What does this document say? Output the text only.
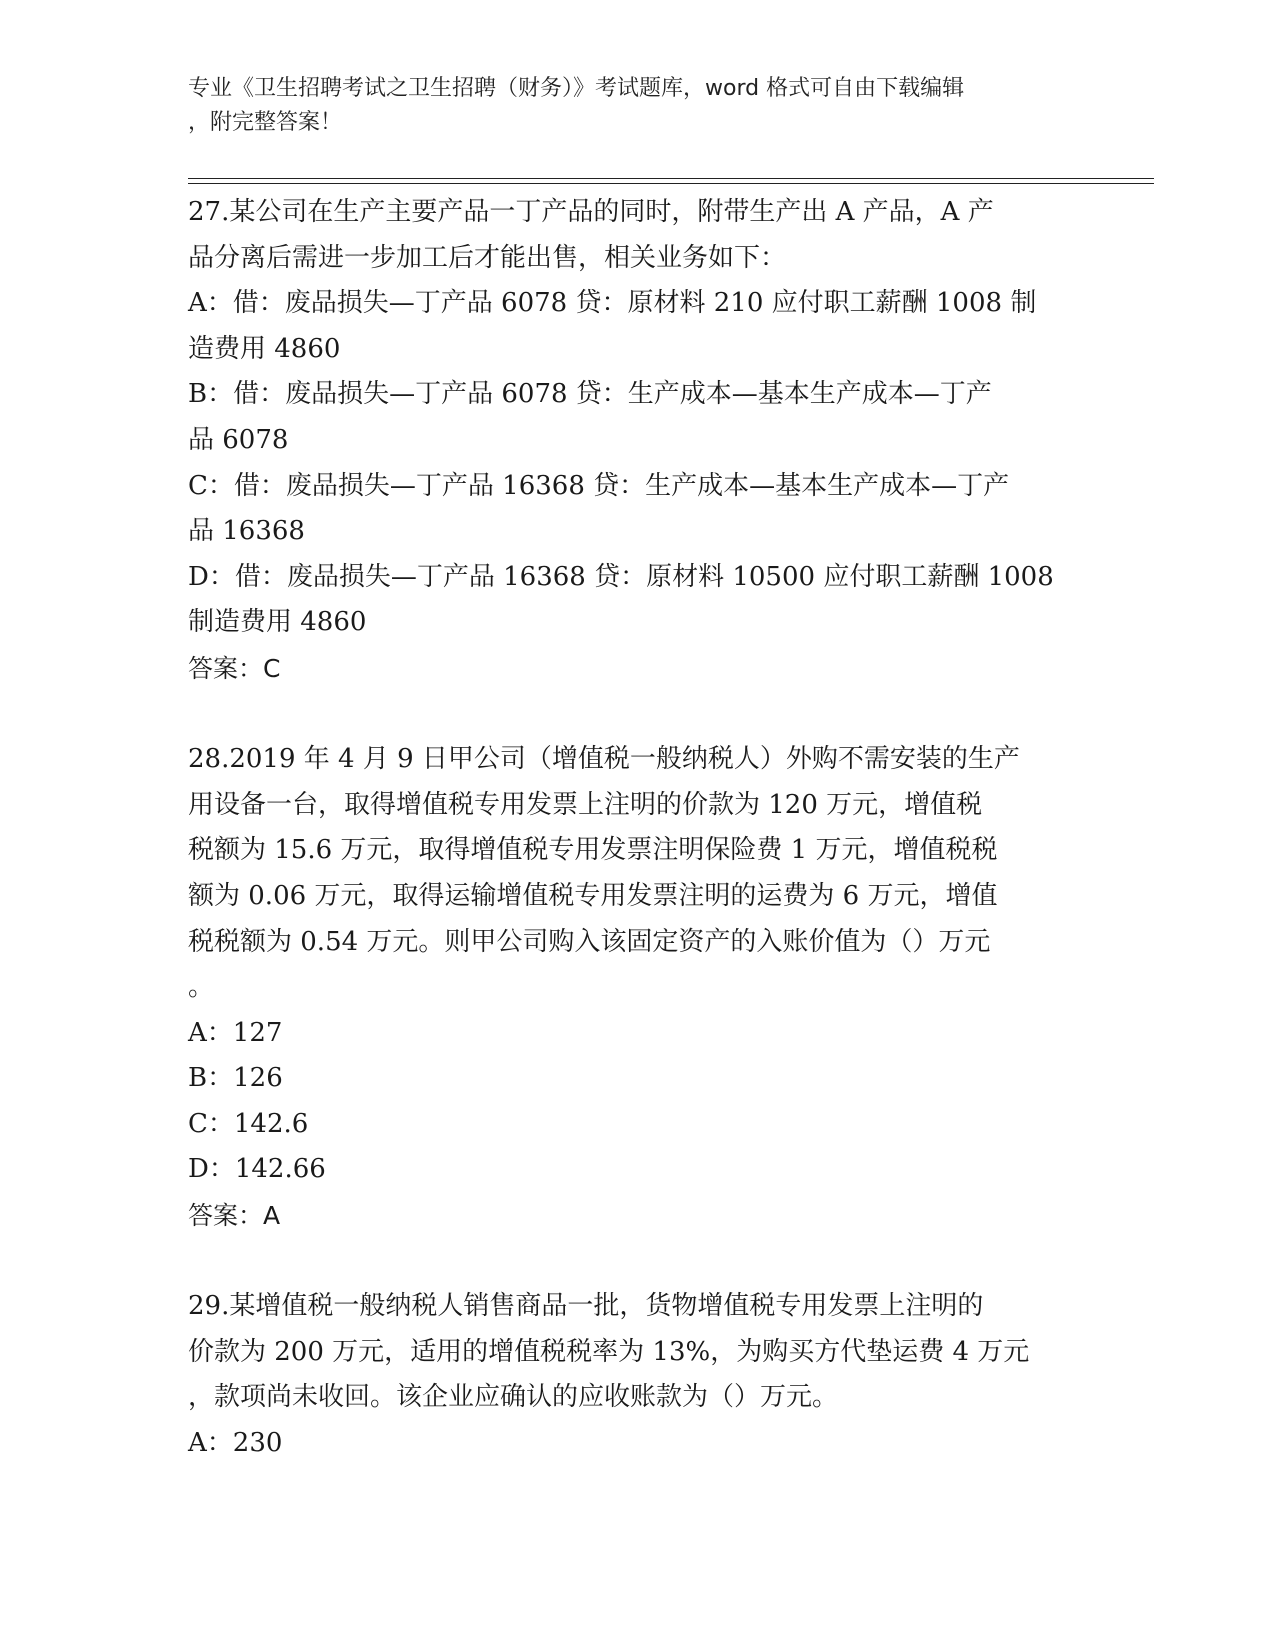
专业《卫生招聘考试之卫生招聘（财务）》考试题库，word 格式可自由下载编辑
，附完整答案！
27.某公司在生产主要产品一丁产品的同时，附带生产出 A 产品，A 产
品分离后需进一步加工后才能出售，相关业务如下：
A：借：废品损失—丁产品 6078 贷：原材料 210 应付职工薪酬 1008 制
造费用 4860
B：借：废品损失—丁产品 6078 贷：生产成本—基本生产成本—丁产
品 6078
C：借：废品损失—丁产品 16368 贷：生产成本—基本生产成本—丁产
品 16368
D：借：废品损失—丁产品 16368 贷：原材料 10500 应付职工薪酬 1008
制造费用 4860
答案：C
28.2019 年 4 月 9 日甲公司（增值税一般纳税人）外购不需安装的生产
用设备一台，取得增值税专用发票上注明的价款为 120 万元，增值税
税额为 15.6 万元，取得增值税专用发票注明保险费 1 万元，增值税税
额为 0.06 万元，取得运输增值税专用发票注明的运费为 6 万元，增值
税税额为 0.54 万元。则甲公司购入该固定资产的入账价值为（）万元
。
A：127
B：126
C：142.6
D：142.66
答案：A
29.某增值税一般纳税人销售商品一批，货物增值税专用发票上注明的
价款为 200 万元，适用的增值税税率为 13%，为购买方代垫运费 4 万元
，款项尚未收回。该企业应确认的应收账款为（）万元。
A：230
